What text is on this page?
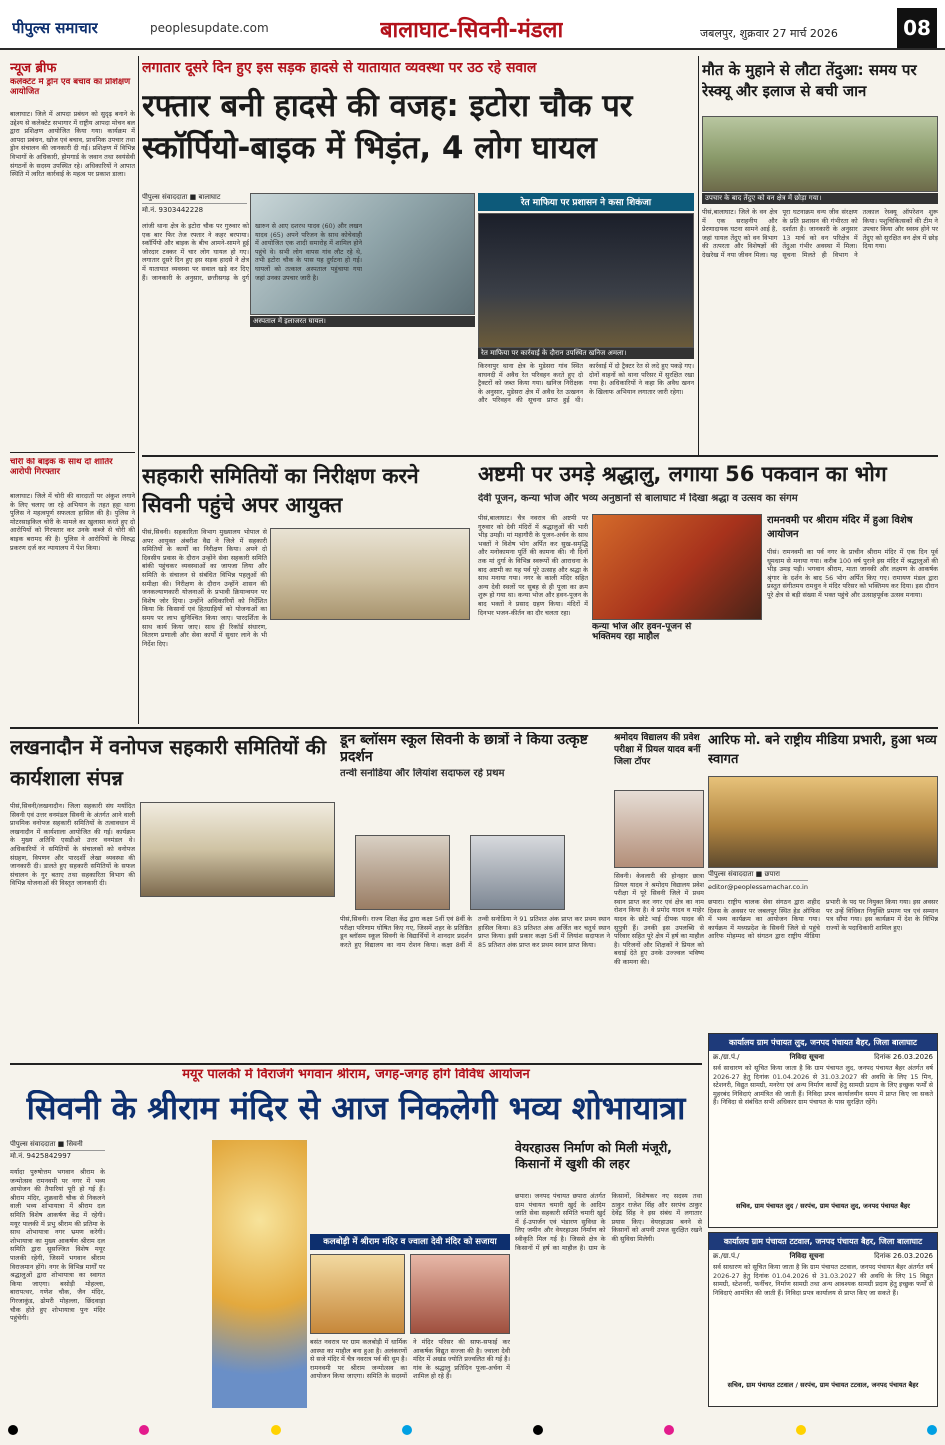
पीपुल्स समाचार	peoplesupdate.com	बालाघाट-सिवनी-मंडला	जबलपुर, शुक्रवार 27 मार्च 2026	08
न्यूज ब्रीफ
कलेक्टेट में ड्रोन एवं बचाव का प्रशिक्षण आयोजित
बालाघाट। जिले में आपदा प्रबंधन को सुदृढ़ बनाने के उद्देश्य से कलेक्टेट सभागार में राष्ट्रीय आपदा मोचन बल द्वारा प्रशिक्षण आयोजित किया गया। कार्यक्रम में आपदा प्रबंधन, खोज एवं बचाव, प्राथमिक उपचार तथा ड्रोन संचालन की जानकारी दी गई। प्रशिक्षण में विभिन्न विभागों के अधिकारी, होमगार्ड के जवान तथा स्वयंसेवी संगठनों के सदस्य उपस्थित रहे। अधिकारियों ने आपात स्थिति में त्वरित कार्रवाई के महत्व पर प्रकाश डाला।
चोरी की बाइक के साथ दो शातिर आरोपी गिरफ्तार
बालाघाट। जिले में चोरी की वारदातों पर अंकुश लगाने के लिए चलाए जा रहे अभियान के तहत हट्टा थाना पुलिस ने महत्वपूर्ण सफलता हासिल की है। पुलिस ने मोटरसाइकिल चोरी के मामले का खुलासा करते हुए दो आरोपियों को गिरफ्तार कर उनके कब्जे से चोरी की बाइक बरामद की है। पुलिस ने आरोपियों के विरुद्ध प्रकरण दर्ज कर न्यायालय में पेश किया।
लगातार दूसरे दिन हुए इस सड़क हादसे से यातायात व्यवस्था पर उठ रहे सवाल
रफ्तार बनी हादसे की वजह: इटोरा चौक पर स्कॉर्पियो-बाइक में भिड़ंत, 4 लोग घायल
पीपुल्स संवाददाता ■ बालाघाट
मो.नं. 9303442228
अस्पताल में इलाजरत घायल।
लांजी थाना क्षेत्र के इटोरा चौक पर गुरुवार को एक बार फिर तेज रफ्तार ने कहर बरपाया। स्कॉर्पियो और बाइक के बीच आमने-सामने हुई जोरदार टक्कर में चार लोग घायल हो गए। लगातार दूसरे दिन हुए इस सड़क हादसे ने क्षेत्र में यातायात व्यवस्था पर सवाल खड़े कर दिए हैं। जानकारी के अनुसार, छत्तीसगढ़ के दुर्ग खारुन से आए दशरथ यादव (60) और लखन यादव (65) अपने परिजन के साथ कोचेवाही में आयोजित एक शादी समारोह में शामिल होने पहुंचे थे। सभी लोग वापस गांव लौट रहे थे, तभी इटोरा चौक के पास यह दुर्घटना हो गई। घायलों को तत्काल अस्पताल पहुंचाया गया जहां उनका उपचार जारी है।
रेत माफिया पर प्रशासन ने कसा शिकंजा
रेत माफिया पर कार्रवाई के दौरान उपस्थित खनिज अमला।
किरनापुर थाना क्षेत्र के मुडेसरा गांव स्थित वाघनदी में अवैध रेत परिवहन करते हुए दो ट्रैक्टरों को जब्त किया गया। खनिज निरीक्षक के अनुसार, मुडेसरा क्षेत्र में अवैध रेत उत्खनन और परिवहन की सूचना प्राप्त हुई थी। कार्रवाई में दो ट्रैक्टर रेत से लदे हुए पकड़े गए। दोनों वाहनों को थाना परिसर में सुरक्षित रखा गया है। अधिकारियों ने कहा कि अवैध खनन के खिलाफ अभियान लगातार जारी रहेगा।
मौत के मुहाने से लौटा तेंदुआ: समय पर रेस्क्यू और इलाज से बची जान
उपचार के बाद तेंदुए को वन क्षेत्र में छोड़ा गया।
पीसं,बालाघाट। जिले के वन क्षेत्र में एक सराहनीय और प्रेरणादायक घटना सामने आई है, जहां घायल तेंदुए को वन विभाग की तत्परता और विशेषज्ञों की देखरेख में नया जीवन मिला। यह पूरा घटनाक्रम वन्य जीव संरक्षण के प्रति प्रशासन की गंभीरता को दर्शाता है। जानकारी के अनुसार 13 मार्च को वन परिक्षेत्र में तेंदुआ गंभीर अवस्था में मिला। सूचना मिलते ही विभाग ने तत्काल रेस्क्यू ऑपरेशन शुरू किया। पशुचिकित्सकों की टीम ने उपचार किया और स्वस्थ होने पर तेंदुए को सुरक्षित वन क्षेत्र में छोड़ दिया गया।
सहकारी समितियों का निरीक्षण करने सिवनी पहुंचे अपर आयुक्त
पीसं,सिवनी। सहकारिता विभाग मुख्यालय भोपाल से अपर आयुक्त अंबरीश वैद्य ने जिले में सहकारी समितियों के कार्यों का निरीक्षण किया। अपने दो दिवसीय प्रवास के दौरान उन्होंने सेवा सहकारी समिति बांकी पहुंचकर व्यवस्थाओं का जायजा लिया और समिति के संचालन से संबंधित विभिन्न पहलुओं की समीक्षा की। निरीक्षण के दौरान उन्होंने शासन की जनकल्याणकारी योजनाओं के प्रभावी क्रियान्वयन पर विशेष जोर दिया। उन्होंने अधिकारियों को निर्देशित किया कि किसानों एवं हितग्राहियों को योजनाओं का समय पर लाभ सुनिश्चित किया जाए। पारदर्शिता के साथ कार्य किया जाए। साथ ही रिकॉर्ड संधारण, वितरण प्रणाली और सेवा कार्यों में सुधार लाने के भी निर्देश दिए।
अष्टमी पर उमड़े श्रद्धालु, लगाया 56 पकवान का भोग
देवी पूजन, कन्या भोज और भव्य अनुष्ठानों से बालाघाट में दिखा श्रद्धा व उत्सव का संगम
पीसं,बालाघाट। चैत्र नवरात्र की अष्टमी पर गुरुवार को देवी मंदिरों में श्रद्धालुओं की भारी भीड़ उमड़ी। मां महागौरी के पूजन-अर्चन के साथ भक्तों ने विशेष भोग अर्पित कर सुख-समृद्धि और मनोकामना पूर्ति की कामना की। नौ दिनों तक मां दुर्गा के विभिन्न स्वरूपों की आराधना के बाद अष्टमी का यह पर्व पूरे उत्साह और श्रद्धा के साथ मनाया गया। नगर के काली मंदिर सहित अन्य देवी स्थलों पर सुबह से ही पूजा का क्रम शुरू हो गया था। कन्या भोज और हवन-पूजन के बाद भक्तों ने प्रसाद ग्रहण किया। मंदिरों में दिनभर भजन-कीर्तन का दौर चलता रहा।
कन्या भोज और हवन-पूजन से भक्तिमय रहा माहौल
रामनवमी पर श्रीराम मंदिर में हुआ विशेष आयोजन
पीसं। रामनवमी का पर्व नगर के प्राचीन श्रीराम मंदिर में एक दिन पूर्व धूमधाम से मनाया गया। करीब 100 वर्ष पुराने इस मंदिर में श्रद्धालुओं की भीड़ उमड़ पड़ी। भगवान श्रीराम, माता जानकी और लक्ष्मण के आकर्षक श्रृंगार के दर्शन के बाद 56 भोग अर्पित किए गए। रामायण मंडल द्वारा प्रस्तुत संगीतमय रामधुन ने मंदिर परिसर को भक्तिमय कर दिया। इस दौरान पूरे क्षेत्र से बड़ी संख्या में भक्त पहुंचे और उत्साहपूर्वक उत्सव मनाया।
लखनादौन में वनोपज सहकारी समितियों की कार्यशाला संपन्न
पीसं,सिवनी/लखनादौन। जिला सहकारी संघ मर्यादित सिवनी एवं उत्तर वनमंडल सिवनी के अंतर्गत आने वाली प्राथमिक वनोपज सहकारी समितियों के तत्वावधान में लखनादौन में कार्यशाला आयोजित की गई। कार्यक्रम के मुख्य अतिथि एसडीओ उत्तर वनमंडल थे। अधिकारियों ने समितियों के संचालकों को वनोपज संग्रहण, विपणन और पारदर्शी लेखा व्यवस्था की जानकारी दी। डालते हुए सहकारी समितियों के सफल संचालन के गुर बताए तथा सहकारिता विभाग की विभिन्न योजनाओं की विस्तृत जानकारी दी।
डून ब्लॉसम स्कूल सिवनी के छात्रों ने किया उत्कृष्ट प्रदर्शन
तन्वी सनोडिया और लियांश सदाफल रहे प्रथम
पीसं,सिवनी। राज्य शिक्षा केंद्र द्वारा कक्षा 5वीं एवं 8वीं के परीक्षा परिणाम घोषित किए गए, जिसमें शहर के प्रतिष्ठित डून ब्लॉसम स्कूल सिवनी के विद्यार्थियों ने शानदार प्रदर्शन करते हुए विद्यालय का नाम रोशन किया। कक्षा 8वीं में तन्वी सनोडिया ने 91 प्रतिशत अंक प्राप्त कर प्रथम स्थान हासिल किया। 83 प्रतिशत अंक अर्जित कर चतुर्थ स्थान प्राप्त किया। इसी प्रकार कक्षा 5वीं में लियांश सदाफल ने 85 प्रतिशत अंक प्राप्त कर प्रथम स्थान प्राप्त किया।
श्रमोदय विद्यालय की प्रवेश परीक्षा में प्रियल यादव बनीं जिला टॉपर
सिवनी। केवलारी की होनहार छात्रा प्रियल यादव ने श्रमोदय विद्यालय प्रवेश परीक्षा में पूरे सिवनी जिले में प्रथम स्थान प्राप्त कर नगर एवं क्षेत्र का नाम रोशन किया है। वे प्रमोद यादव व माहेर यादव के छोटे भाई दीपक यादव की सुपुत्री हैं। उनकी इस उपलब्धि से परिवार सहित पूरे क्षेत्र में हर्ष का माहौल है। परिजनों और शिक्षकों ने प्रियल को बधाई देते हुए उनके उज्ज्वल भविष्य की कामना की।
आरिफ मो. बने राष्ट्रीय मीडिया प्रभारी, हुआ भव्य स्वागत
पीपुल्स संवाददाता ■ छपारा
editor@peoplessamachar.co.in
छपारा। राष्ट्रीय चालक सेवा संगठन द्वारा शहीद दिवस के अवसर पर जबलपुर स्थित हेड ऑफिस में भव्य कार्यक्रम का आयोजन किया गया। कार्यक्रम में मध्यप्रदेश के सिवनी जिले से पहुंचे आरिफ मोहम्मद को संगठन द्वारा राष्ट्रीय मीडिया प्रभारी के पद पर नियुक्त किया गया। इस अवसर पर उन्हें विधिवत नियुक्ति प्रमाण पत्र एवं सम्मान पत्र सौंपा गया। इस कार्यक्रम में देश के विभिन्न राज्यों के पदाधिकारी शामिल हुए।
कार्यालय ग्राम पंचायत लुद, जनपद पंचायत बैहर, जिला बालाघाट
क्र./ग्रा.पं./	निविदा सूचना	दिनांक 26.03.2026
सर्व साधारण को सूचित किया जाता है कि ग्राम पंचायत लुद, जनपद पंचायत बैहर अंतर्गत वर्ष 2026-27 हेतु दिनांक 01.04.2026 से 31.03.2027 की अवधि के लिए 15 मिन, स्टेशनरी, विद्युत सामग्री, मनरेगा एवं अन्य निर्माण कार्यों हेतु सामग्री प्रदाय के लिए इच्छुक फर्मों से मुहरबंद निविदाएं आमंत्रित की जाती हैं। निविदा प्रपत्र कार्यालयीन समय में प्राप्त किए जा सकते हैं। निविदा से संबंधित सभी अधिकार ग्राम पंचायत के पास सुरक्षित रहेंगे।
सचिव, ग्राम पंचायत लुद / सरपंच, ग्राम पंचायत लुद, जनपद पंचायत बैहर
कार्यालय ग्राम पंचायत टटवाल, जनपद पंचायत बैहर, जिला बालाघाट
क्र./ग्रा.पं./	निविदा सूचना	दिनांक 26.03.2026
सर्व साधारण को सूचित किया जाता है कि ग्राम पंचायत टटवाल, जनपद पंचायत बैहर अंतर्गत वर्ष 2026-27 हेतु दिनांक 01.04.2026 से 31.03.2027 की अवधि के लिए 15 विद्युत सामग्री, स्टेशनरी, फर्नीचर, निर्माण सामग्री तथा अन्य आवश्यक सामग्री प्रदाय हेतु इच्छुक फर्मों से निविदाएं आमंत्रित की जाती हैं। निविदा प्रपत्र कार्यालय से प्राप्त किए जा सकते हैं।
सचिव, ग्राम पंचायत टटवाल / सरपंच, ग्राम पंचायत टटवाल, जनपद पंचायत बैहर
मयूर पालकी में विराजेंगे भगवान श्रीराम, जगह-जगह होंगे विविध आयोजन
सिवनी के श्रीराम मंदिर से आज निकलेगी भव्य शोभायात्रा
पीपुल्स संवाददाता ■ सिवनी
मो.नं. 9425842997
मर्यादा पुरुषोत्तम भगवान श्रीराम के जन्मोत्सव रामनवमी पर नगर में भव्य आयोजन की तैयारियां पूरी हो गई हैं। श्रीराम मंदिर, शुक्रवारी चौक से निकलने वाली भव्य शोभायात्रा में श्रीराम दल समिति विशेष आकर्षण केंद्र में रहेगी। मयूर पालकी में प्रभु श्रीराम की प्रतिमा के साथ शोभायात्रा नगर भ्रमण करेगी। शोभायात्रा का मुख्य आकर्षण श्रीराम दल समिति द्वारा सुसज्जित विशेष मयूर पालकी रहेगी, जिसमें भगवान श्रीराम विराजमान होंगे। नगर के विभिन्न मार्गों पर श्रद्धालुओं द्वारा शोभायात्रा का स्वागत किया जाएगा। बसोड़ी मोहल्ला, बारापत्थर, गणेश चौक, जैन मंदिर, गिरजाकुंड, ढोमरी मोहल्ला, छिंदवाड़ा चौक होते हुए शोभायात्रा पुनः मंदिर पहुंचेगी।
कलबोड़ी में श्रीराम मंदिर व ज्वाला देवी मंदिर को सजाया
बसंत नवरात्र पर ग्राम कलबोड़ी में धार्मिक आस्था का माहौल बना हुआ है। अलंकरणों से सजे मंदिर में चैत्र नवरात्र पर्व की धूम है। रामनवमी पर श्रीराम जन्मोत्सव का आयोजन किया जाएगा। समिति के सदस्यों ने मंदिर परिसर की साफ-सफाई कर आकर्षक विद्युत सज्जा की है। ज्वाला देवी मंदिर में अखंड ज्योति प्रज्वलित की गई है। गांव के श्रद्धालु प्रतिदिन पूजा-अर्चना में शामिल हो रहे हैं।
वेयरहाउस निर्माण को मिली मंजूरी, किसानों में खुशी की लहर
छपारा। जनपद पंचायत छपारा अंतर्गत ग्राम पंचायत चमारी खुर्द के आदिम जाति सेवा सहकारी समिति चमारी खुर्द में ई-उपार्जन एवं भंडारण सुविधा के लिए जमीन और वेयरहाउस निर्माण को स्वीकृति मिल गई है। जिससे क्षेत्र के किसानों में हर्ष का माहौल है। ग्राम के किसानों, विशेषकर नए सदस्य तथा ठाकुर राजेश सिंह और सरपंच ठाकुर देवेंद्र सिंह ने इस संबंध में लगातार प्रयास किए। वेयरहाउस बनने से किसानों को अपनी उपज सुरक्षित रखने की सुविधा मिलेगी।
